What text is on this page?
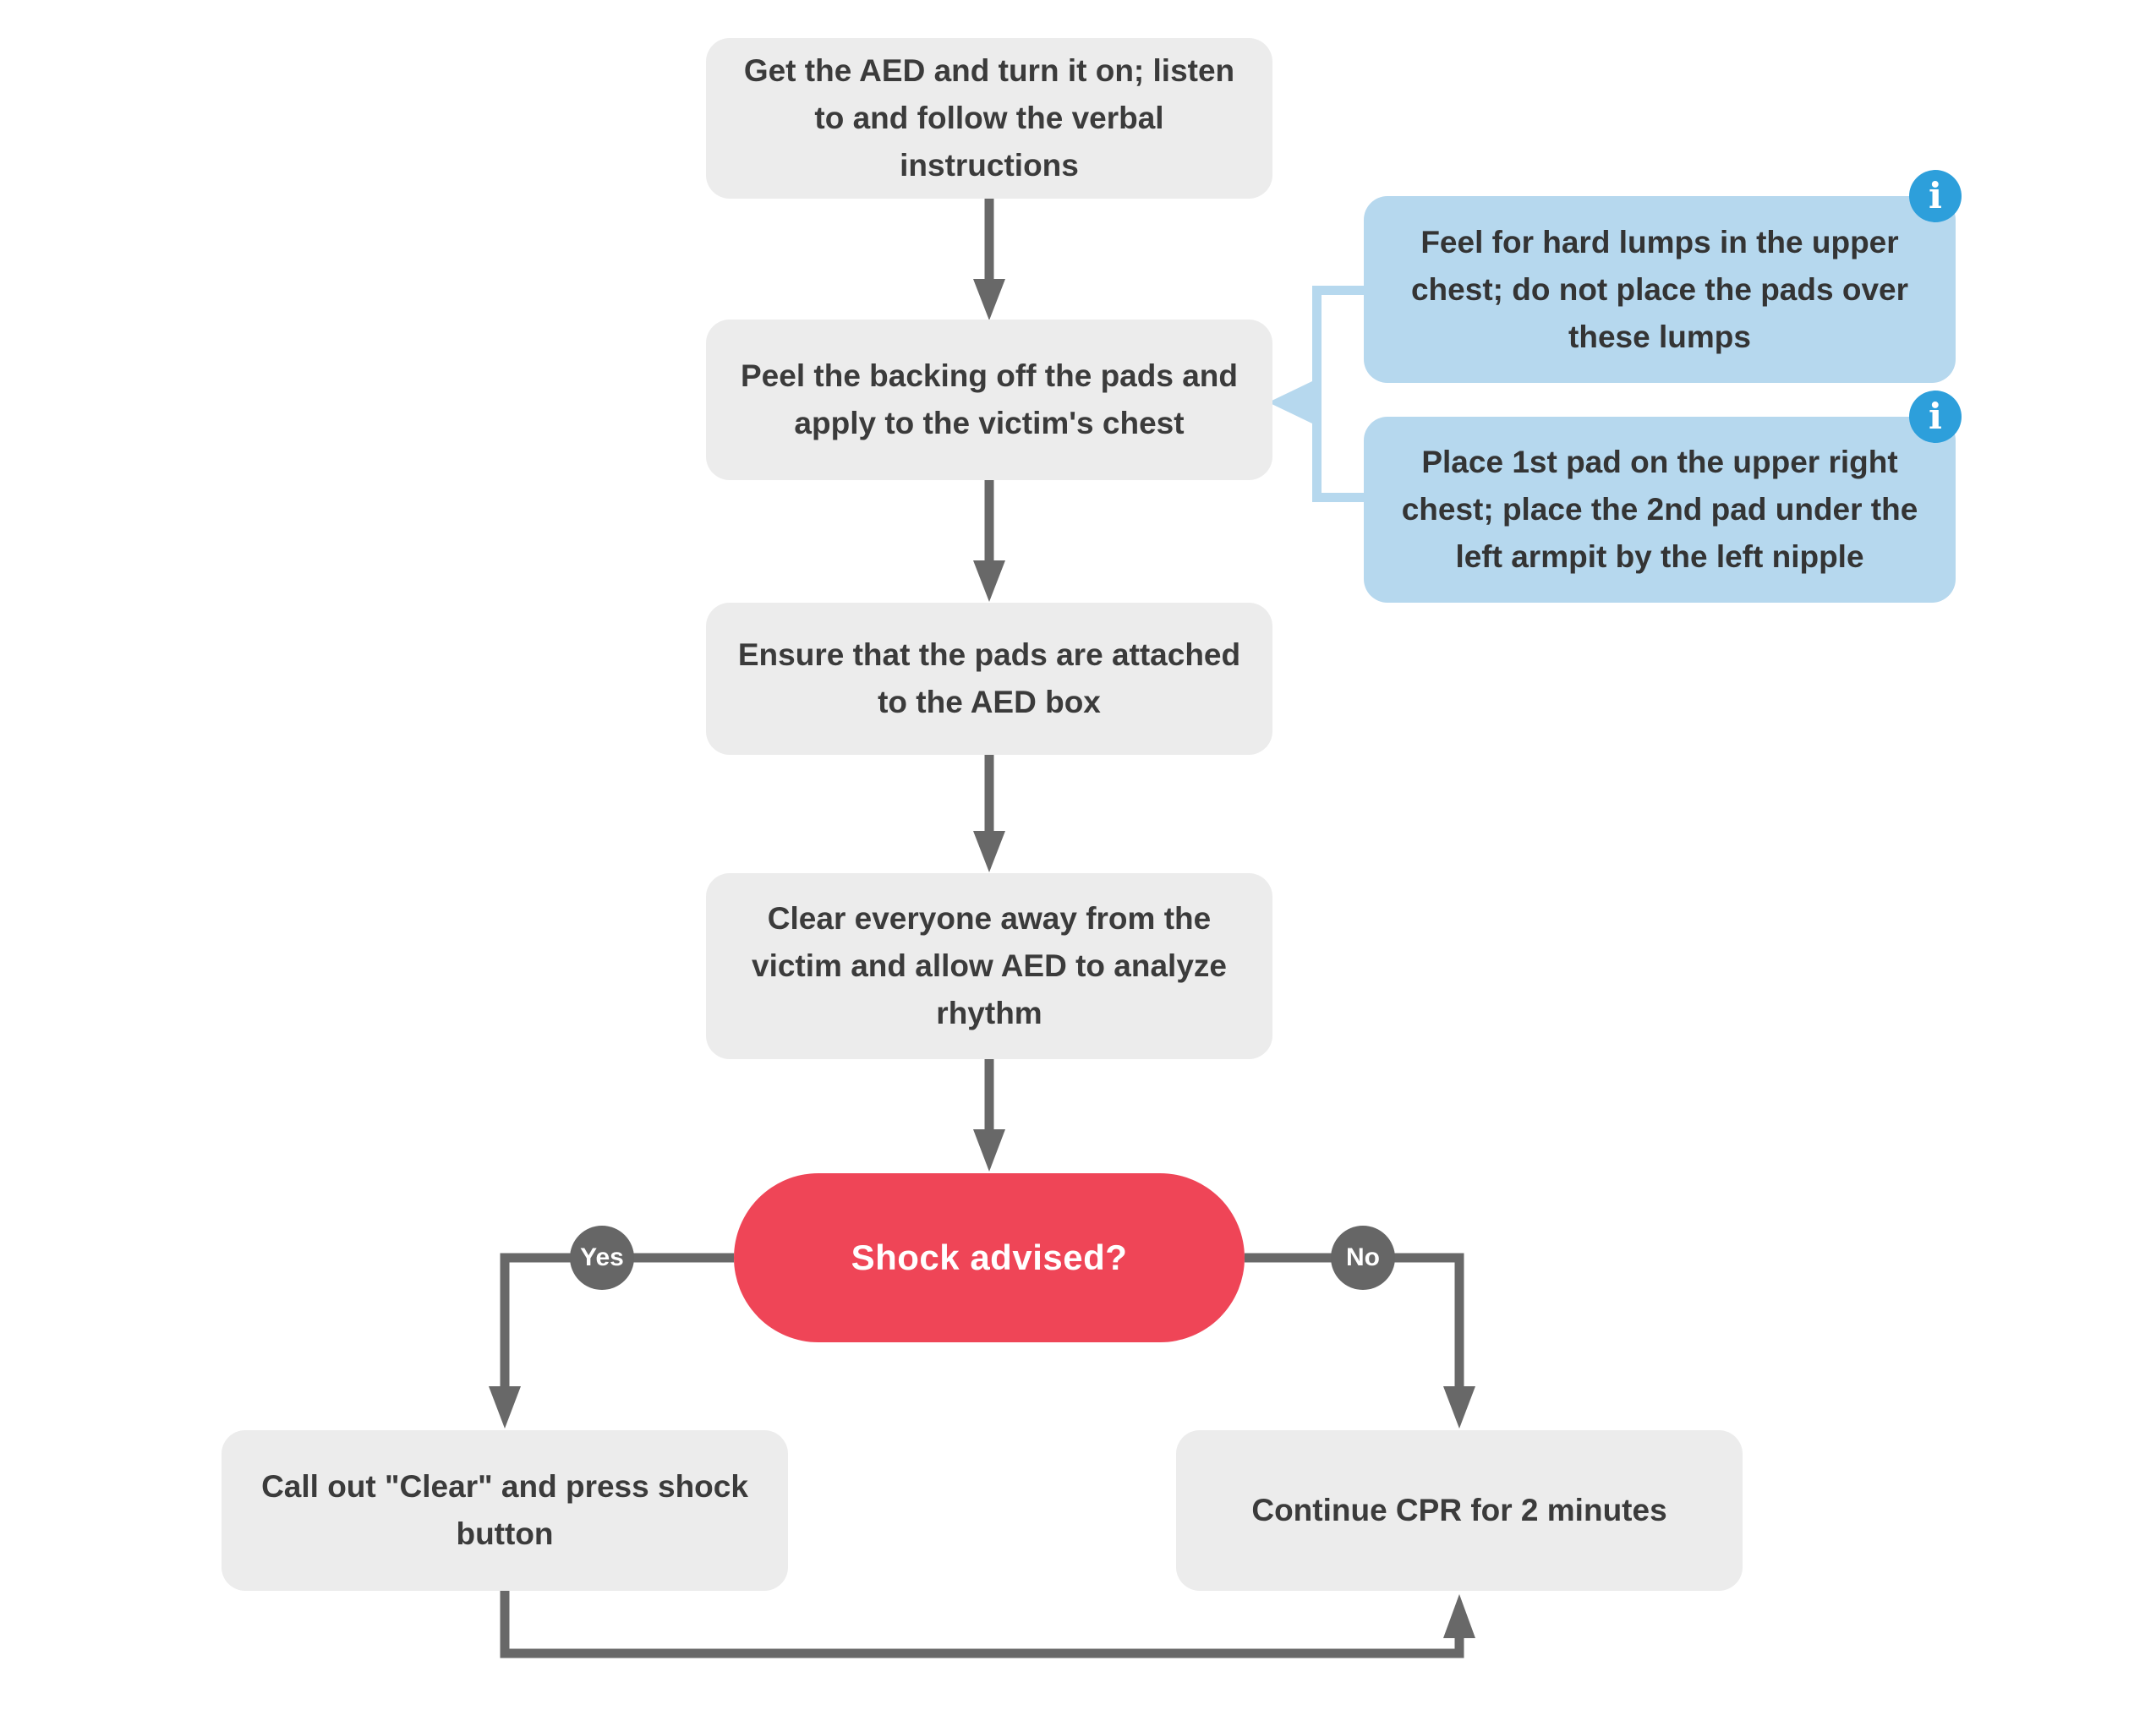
Get the AED and turn it on; listen to and follow the verbal instructions
Peel the backing off the pads and apply to the victim's chest
Ensure that the pads are attached to the AED box
Clear everyone away from the victim and allow AED to analyze rhythm
Shock advised?
Yes	No
Call out "Clear" and press shock button
Continue CPR for 2 minutes
Feel for hard lumps in the upper chest; do not place the pads over these lumps
i
Place 1st pad on the upper right chest; place the 2nd pad under the left armpit by the left nipple
i
